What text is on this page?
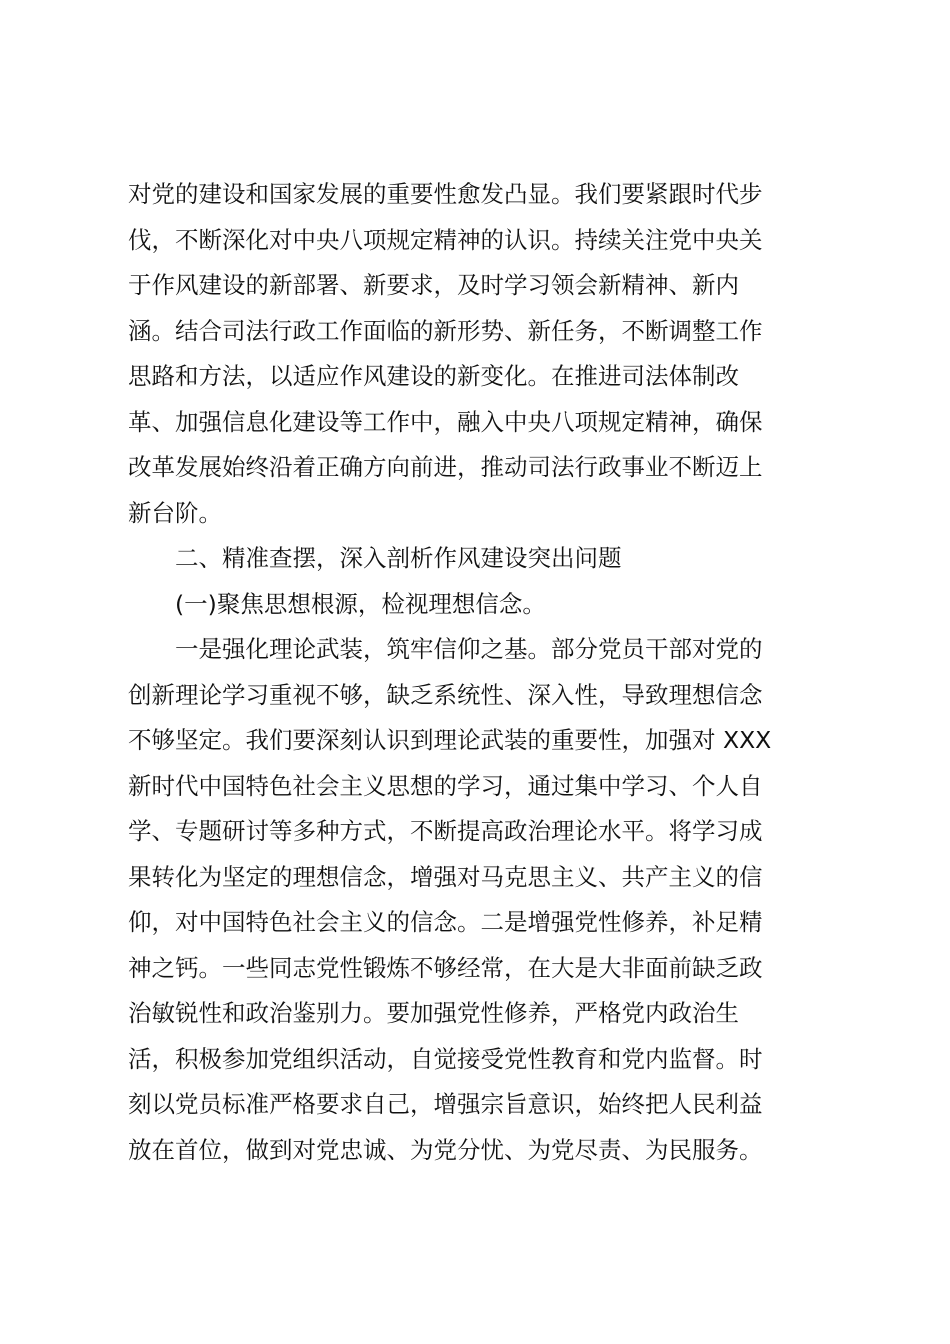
对党的建设和国家发展的重要性愈发凸显。我们要紧跟时代步
伐，不断深化对中央八项规定精神的认识。持续关注党中央关
于作风建设的新部署、新要求，及时学习领会新精神、新内
涵。结合司法行政工作面临的新形势、新任务，不断调整工作
思路和方法，以适应作风建设的新变化。在推进司法体制改
革、加强信息化建设等工作中，融入中央八项规定精神，确保
改革发展始终沿着正确方向前进，推动司法行政事业不断迈上
新台阶。
二、精准查摆，深入剖析作风建设突出问题
(一)聚焦思想根源，检视理想信念。
一是强化理论武装，筑牢信仰之基。部分党员干部对党的
创新理论学习重视不够，缺乏系统性、深入性，导致理想信念
不够坚定。我们要深刻认识到理论武装的重要性，加强对 XXX
新时代中国特色社会主义思想的学习，通过集中学习、个人自
学、专题研讨等多种方式，不断提高政治理论水平。将学习成
果转化为坚定的理想信念，增强对马克思主义、共产主义的信
仰，对中国特色社会主义的信念。二是增强党性修养，补足精
神之钙。一些同志党性锻炼不够经常，在大是大非面前缺乏政
治敏锐性和政治鉴别力。要加强党性修养，严格党内政治生
活，积极参加党组织活动，自觉接受党性教育和党内监督。时
刻以党员标准严格要求自己，增强宗旨意识，始终把人民利益
放在首位，做到对党忠诚、为党分忧、为党尽责、为民服务。
